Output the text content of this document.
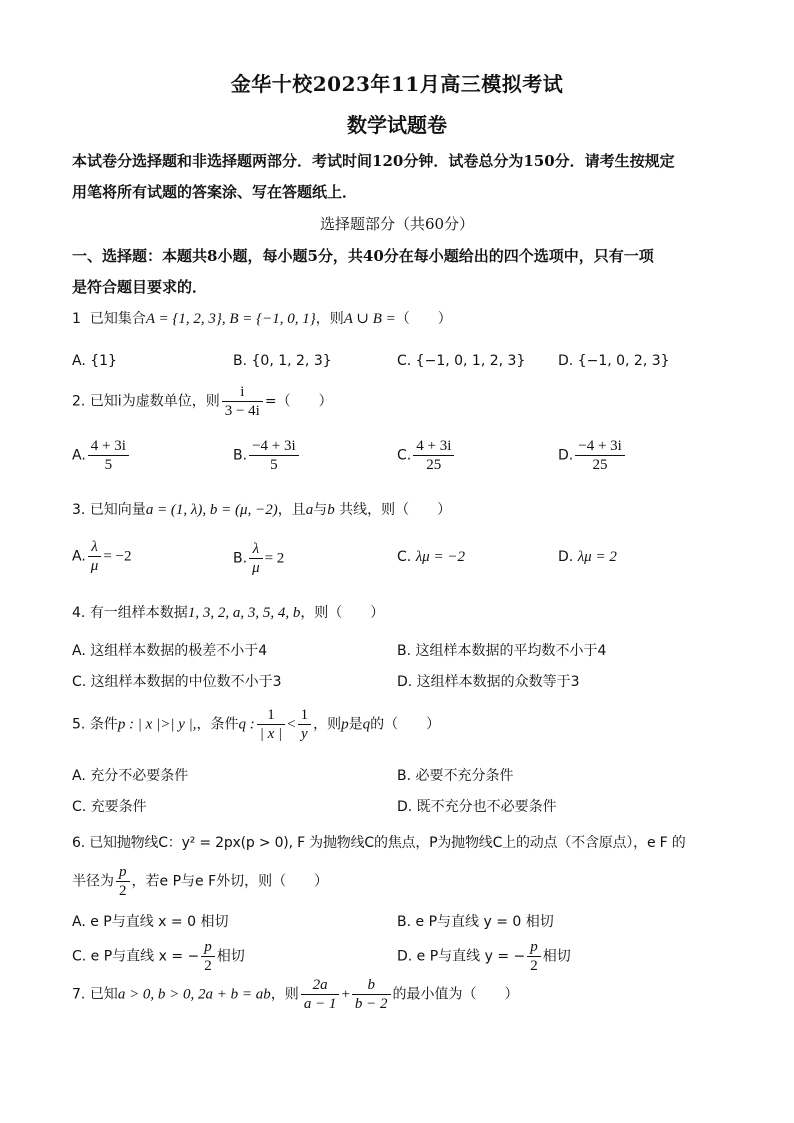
金华十校2023年11月高三模拟考试
数学试题卷
本试卷分选择题和非选择题两部分．考试时间120分钟．试卷总分为150分．请考生按规定
用笔将所有试题的答案涂、写在答题纸上．
选择题部分（共60分）
一、选择题：本题共8小题，每小题5分，共40分在每小题给出的四个选项中，只有一项
是符合题目要求的．
1 已知集合A = {1, 2, 3}, B = {−1, 0, 1}，则A ∪ B =（　　）
A. {1}	B. {0, 1, 2, 3}	C. {−1, 0, 1, 2, 3} D. {−1, 0, 2, 3}
2. 已知i为虚数单位，则 $\frac{i}{3 - 4i}$ =（　　）
A. $\frac{4 + 3i}{5}$	B. $\frac{-4 + 3i}{5}$	C. $\frac{4 + 3i}{25}$	D. $\frac{-4 + 3i}{25}$
3. 已知向量a = (1, λ), b = (μ, −2)，且a与b 共线，则（　　）
A. $\frac{\lambda}{\mu} = -2$	B. $\frac{\lambda}{\mu} = 2$	C. λμ = −2	D. λμ = 2
4. 有一组样本数据1, 3, 2, a, 3, 5, 4, b，则（　　）
A. 这组样本数据的极差不小于4	B. 这组样本数据的平均数不小于4
C. 这组样本数据的中位数不小于3	D. 这组样本数据的众数等于3
5. 条件p : | x |>| y |,，条件q : $\frac{1}{| x |} < \frac{1}{y}$ ，则p是q的（　　）
A. 充分不必要条件	B. 必要不充分条件
C. 充要条件	D. 既不充分也不必要条件
6. 已知抛物线C：y² = 2px(p > 0), F 为抛物线C的焦点，P为抛物线C上的动点（不含原点），e F 的
半径为 $\frac{p}{2}$ ，若e P与e F外切，则（　　）
A. e P与直线 x = 0 相切	B. e P与直线 y = 0 相切
C. e P与直线 x = − $\frac{p}{2}$ 相切	D. e P与直线 y = − $\frac{p}{2}$ 相切
7. 已知a > 0, b > 0, 2a + b = ab，则 $\frac{2a}{a - 1} + \frac{b}{b - 2}$ 的最小值为（　　）
